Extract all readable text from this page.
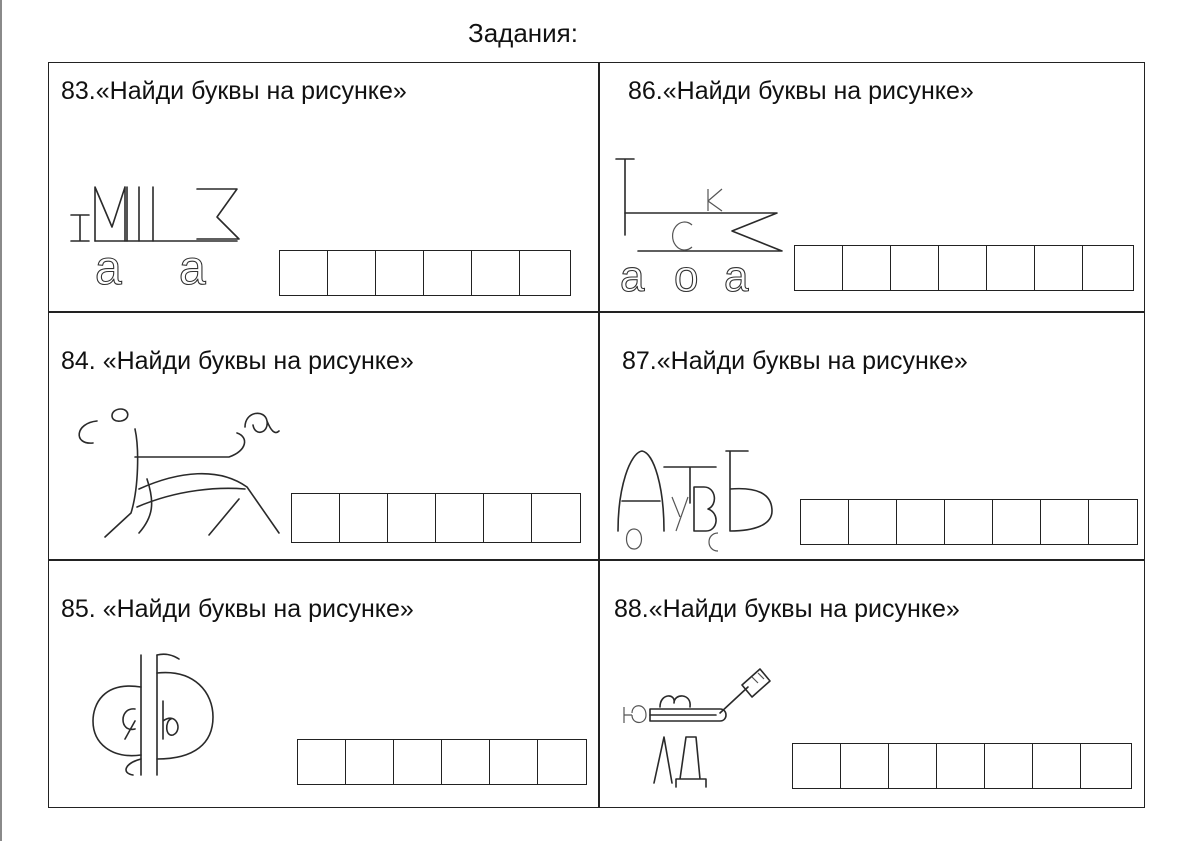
Задания:
83.«Найди буквы на рисунке»
а а
86.«Найди буквы на рисунке»
а о а
84. «Найди буквы на рисунке»	87.«Найди буквы на рисунке»
85. «Найди буквы на рисунке»	88.«Найди буквы на рисунке»
